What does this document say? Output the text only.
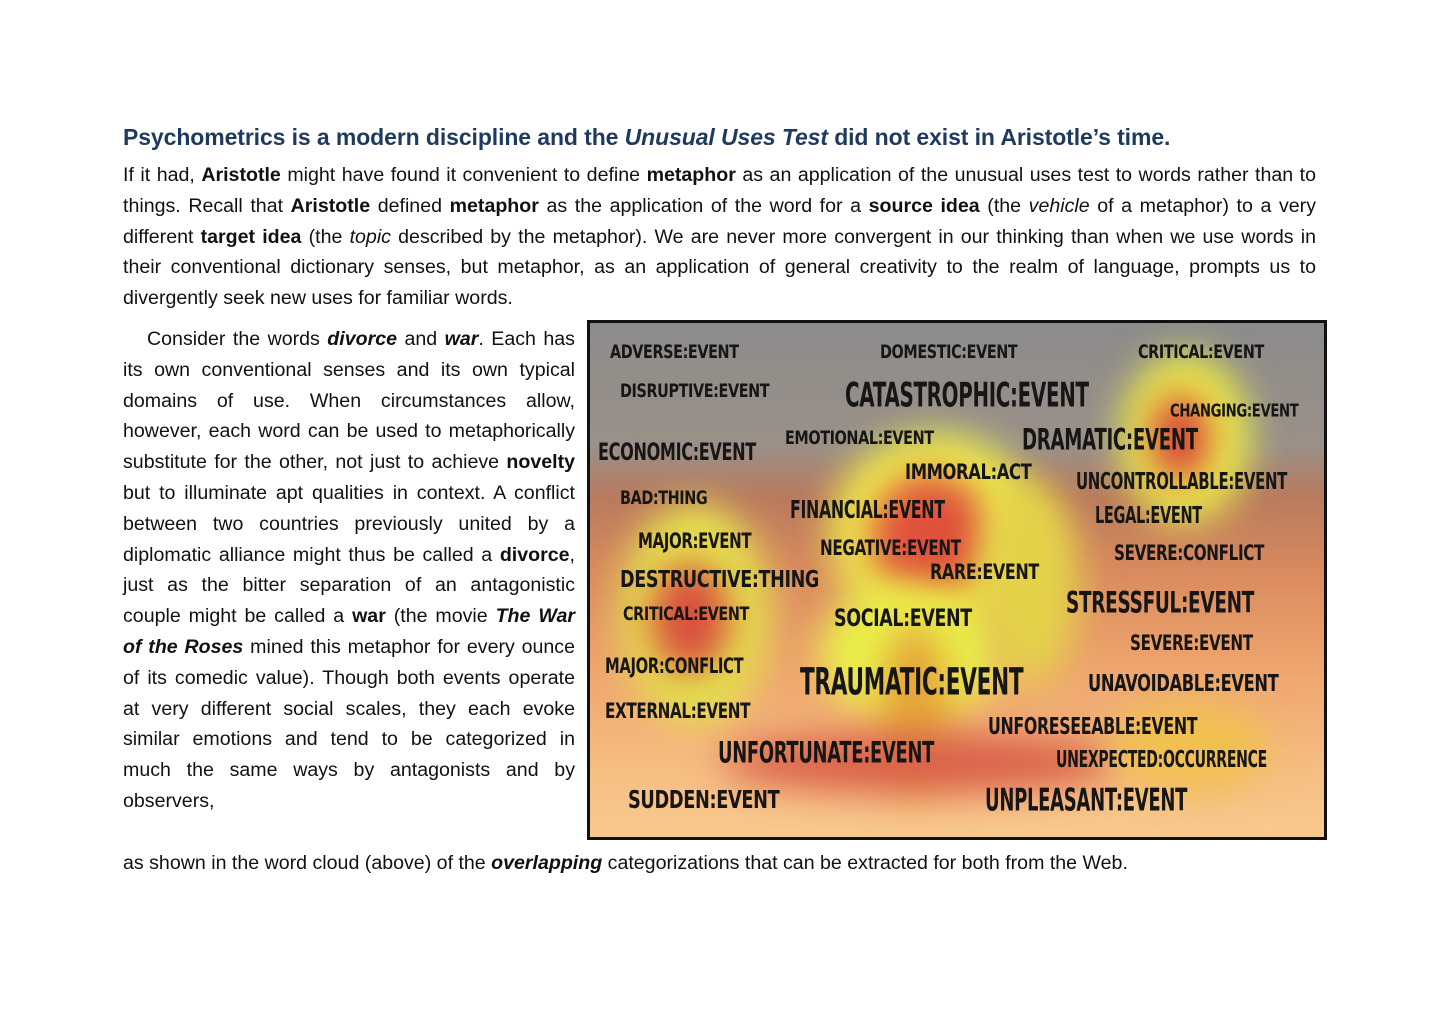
Psychometrics is a modern discipline and the Unusual Uses Test did not exist in Aristotle’s time.
If it had, Aristotle might have found it convenient to define metaphor as an application of the unusual uses test to words rather than to things. Recall that Aristotle defined metaphor as the application of the word for a source idea (the vehicle of a metaphor) to a very different target idea (the topic described by the metaphor). We are never more convergent in our thinking than when we use words in their conventional dictionary senses, but metaphor, as an application of general creativity to the realm of language, prompts us to divergently seek new uses for familiar words.
Consider the words divorce and war. Each has its own conventional senses and its own typical domains of use. When circumstances allow, however, each word can be used to metaphorically substitute for the other, not just to achieve novelty but to illuminate apt qualities in context. A conflict between two countries previously united by a diplomatic alliance might thus be called a divorce, just as the bitter separation of an antagonistic couple might be called a war (the movie The War of the Roses mined this metaphor for every ounce of its comedic value). Though both events operate at very different social scales, they each evoke similar emotions and tend to be categorized in much the same ways by antagonists and by observers,
as shown in the word cloud (above) of the overlapping categorizations that can be extracted for both from the Web.
ADVERSE:EVENT	DOMESTIC:EVENT	CRITICAL:EVENT
DISRUPTIVE:EVENT CATASTROPHIC:EVENT	CHANGING:EVENT
ECONOMIC:EVENT
EMOTIONAL:EVENT	DRAMATIC:EVENT
IMMORAL:ACT UNCONTROLLABLE:EVENT
BAD:THING	FINANCIAL:EVENT	LEGAL:EVENT
MAJOR:EVENT	NEGATIVE:EVENT	SEVERE:CONFLICT
DESTRUCTIVE:THING	RARE:EVENT
STRESSFUL:EVENT
CRITICAL:EVENT	SOCIAL:EVENT
SEVERE:EVENT
MAJOR:CONFLICT TRAUMATIC:EVENT	UNAVOIDABLE:EVENT
EXTERNAL:EVENT
UNFORESEEABLE:EVENT
UNFORTUNATE:EVENT	UNEXPECTED:OCCURRENCE
SUDDEN:EVENT	UNPLEASANT:EVENT
